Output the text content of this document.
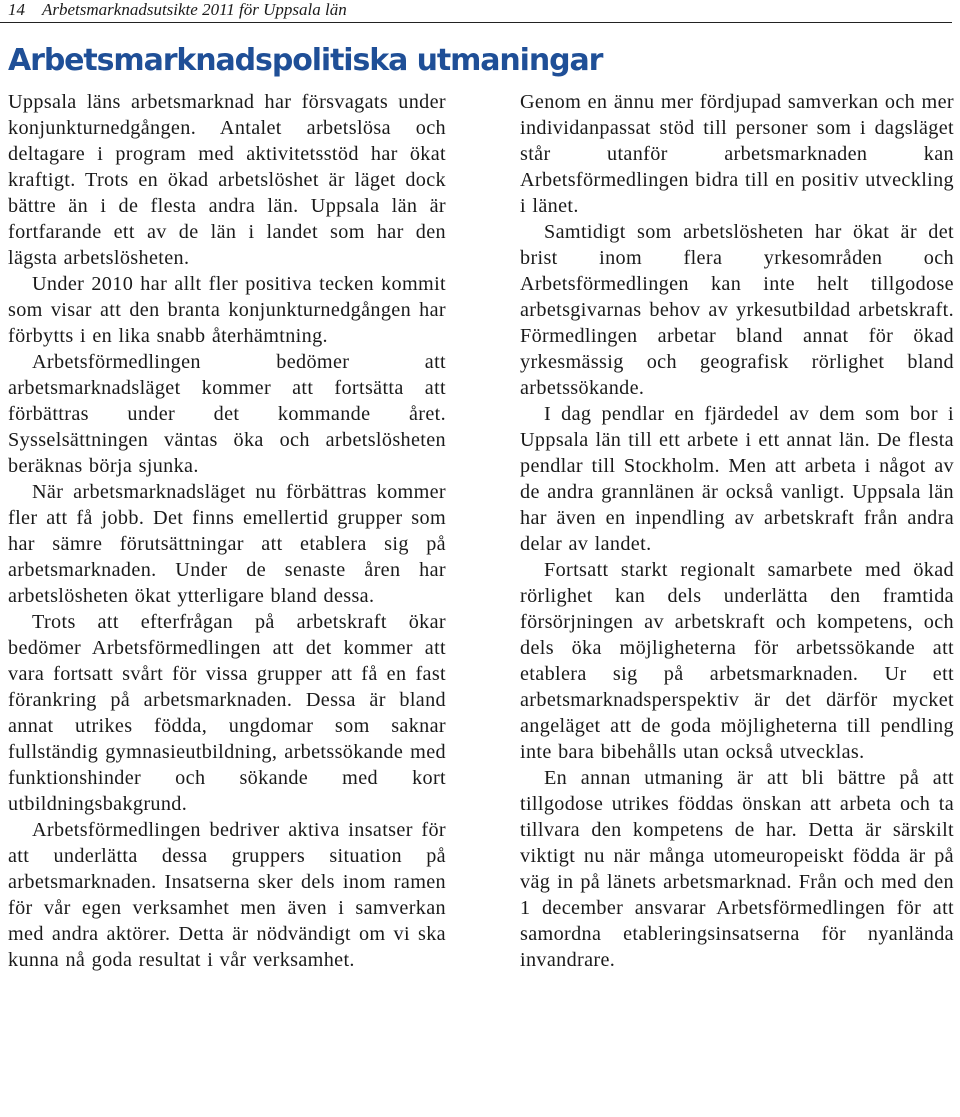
14 Arbetsmarknadsutsikte 2011 för Uppsala län
Arbetsmarknadspolitiska utmaningar

Uppsala läns arbetsmarknad har försvagats under konjunkturnedgången. Antalet arbetslösa och deltagare i program med aktivitetsstöd har ökat kraftigt. Trots en ökad arbetslöshet är läget dock bättre än i de flesta andra län. Uppsala län är fortfarande ett av de län i landet som har den lägsta arbetslösheten.

Under 2010 har allt fler positiva tecken kommit som visar att den branta konjunkturnedgången har förbytts i en lika snabb återhämtning.

Arbetsförmedlingen bedömer att arbetsmarknadsläget kommer att fortsätta att förbättras under det kommande året. Sysselsättningen väntas öka och arbetslösheten beräknas börja sjunka.

När arbetsmarknadsläget nu förbättras kommer fler att få jobb. Det finns emellertid grupper som har sämre förutsättningar att etablera sig på arbetsmarknaden. Under de senaste åren har arbetslösheten ökat ytterligare bland dessa.

Trots att efterfrågan på arbetskraft ökar bedömer Arbetsförmedlingen att det kommer att vara fortsatt svårt för vissa grupper att få en fast förankring på arbetsmarknaden. Dessa är bland annat utrikes födda, ungdomar som saknar fullständig gymnasieutbildning, arbetssökande med funktionshinder och sökande med kort utbildningsbakgrund.

Arbetsförmedlingen bedriver aktiva insatser för att underlätta dessa gruppers situation på arbetsmarknaden. Insatserna sker dels inom ramen för vår egen verksamhet men även i samverkan med andra aktörer. Detta är nödvändigt om vi ska kunna nå goda resultat i vår verksamhet.

Genom en ännu mer fördjupad samverkan och mer individanpassat stöd till personer som i dagsläget står utanför arbetsmarknaden kan Arbetsförmedlingen bidra till en positiv utveckling i länet.

Samtidigt som arbetslösheten har ökat är det brist inom flera yrkesområden och Arbetsförmedlingen kan inte helt tillgodose arbetsgivarnas behov av yrkesutbildad arbetskraft. Förmedlingen arbetar bland annat för ökad yrkesmässig och geografisk rörlighet bland arbetssökande.

I dag pendlar en fjärdedel av dem som bor i Uppsala län till ett arbete i ett annat län. De flesta pendlar till Stockholm. Men att arbeta i något av de andra grannlänen är också vanligt. Uppsala län har även en inpendling av arbetskraft från andra delar av landet.

Fortsatt starkt regionalt samarbete med ökad rörlighet kan dels underlätta den framtida försörjningen av arbetskraft och kompetens, och dels öka möjligheterna för arbetssökande att etablera sig på arbetsmarknaden. Ur ett arbetsmarknadsperspektiv är det därför mycket angeläget att de goda möjligheterna till pendling inte bara bibehålls utan också utvecklas.

En annan utmaning är att bli bättre på att tillgodose utrikes föddas önskan att arbeta och ta tillvara den kompetens de har. Detta är särskilt viktigt nu när många utomeuropeiskt födda är på väg in på länets arbetsmarknad. Från och med den 1 december ansvarar Arbetsförmedlingen för att samordna etableringsinsatserna för nyanlända invandrare.
